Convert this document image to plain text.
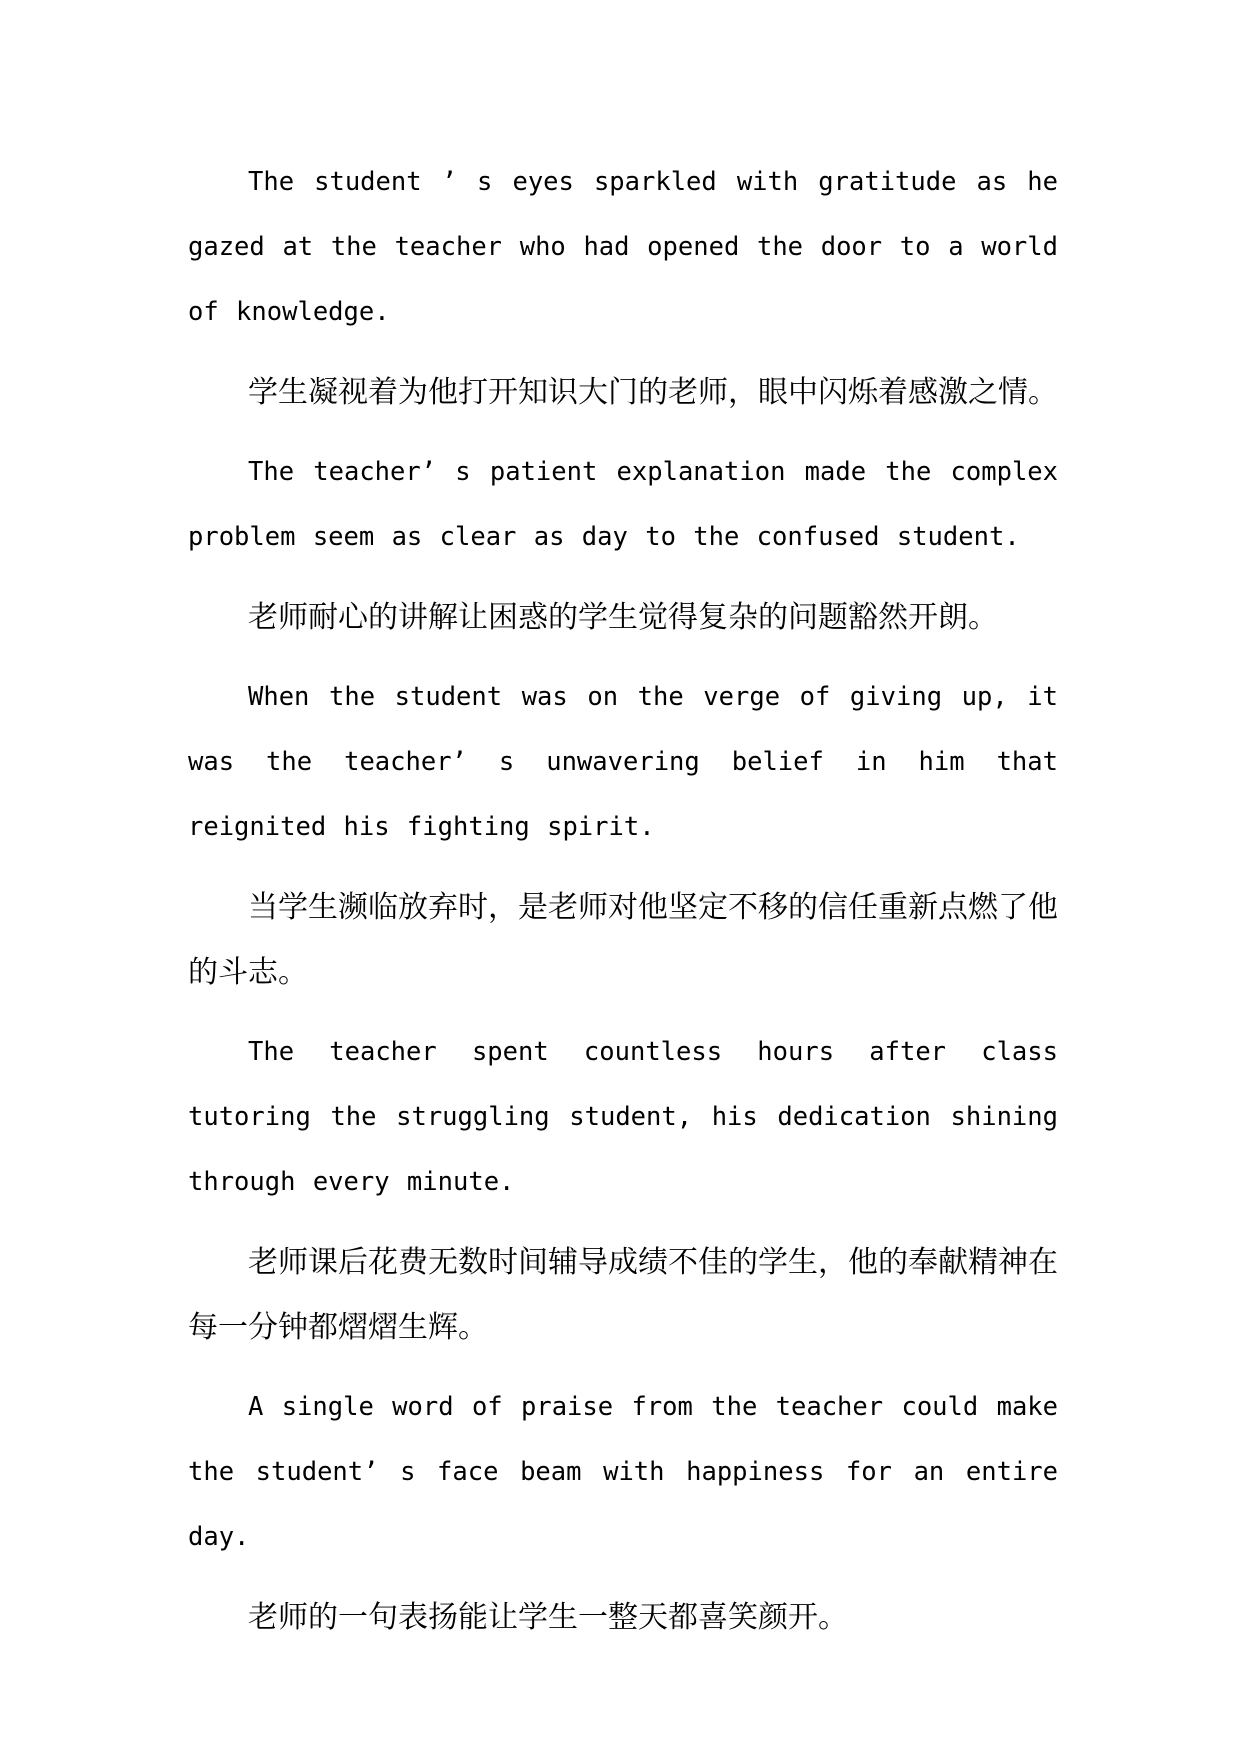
The student ’ s eyes sparkled with gratitude as he gazed at the teacher who had opened the door to a world of knowledge.

学生凝视着为他打开知识大门的老师，眼中闪烁着感激之情。

The teacher’ s patient explanation made the complex problem seem as clear as day to the confused student.

老师耐心的讲解让困惑的学生觉得复杂的问题豁然开朗。

When the student was on the verge of giving up, it was the teacher’ s unwavering belief in him that reignited his fighting spirit.

当学生濒临放弃时，是老师对他坚定不移的信任重新点燃了他的斗志。

The teacher spent countless hours after class tutoring the struggling student, his dedication shining through every minute.

老师课后花费无数时间辅导成绩不佳的学生，他的奉献精神在每一分钟都熠熠生辉。

A single word of praise from the teacher could make the student’ s face beam with happiness for an entire day.

老师的一句表扬能让学生一整天都喜笑颜开。
